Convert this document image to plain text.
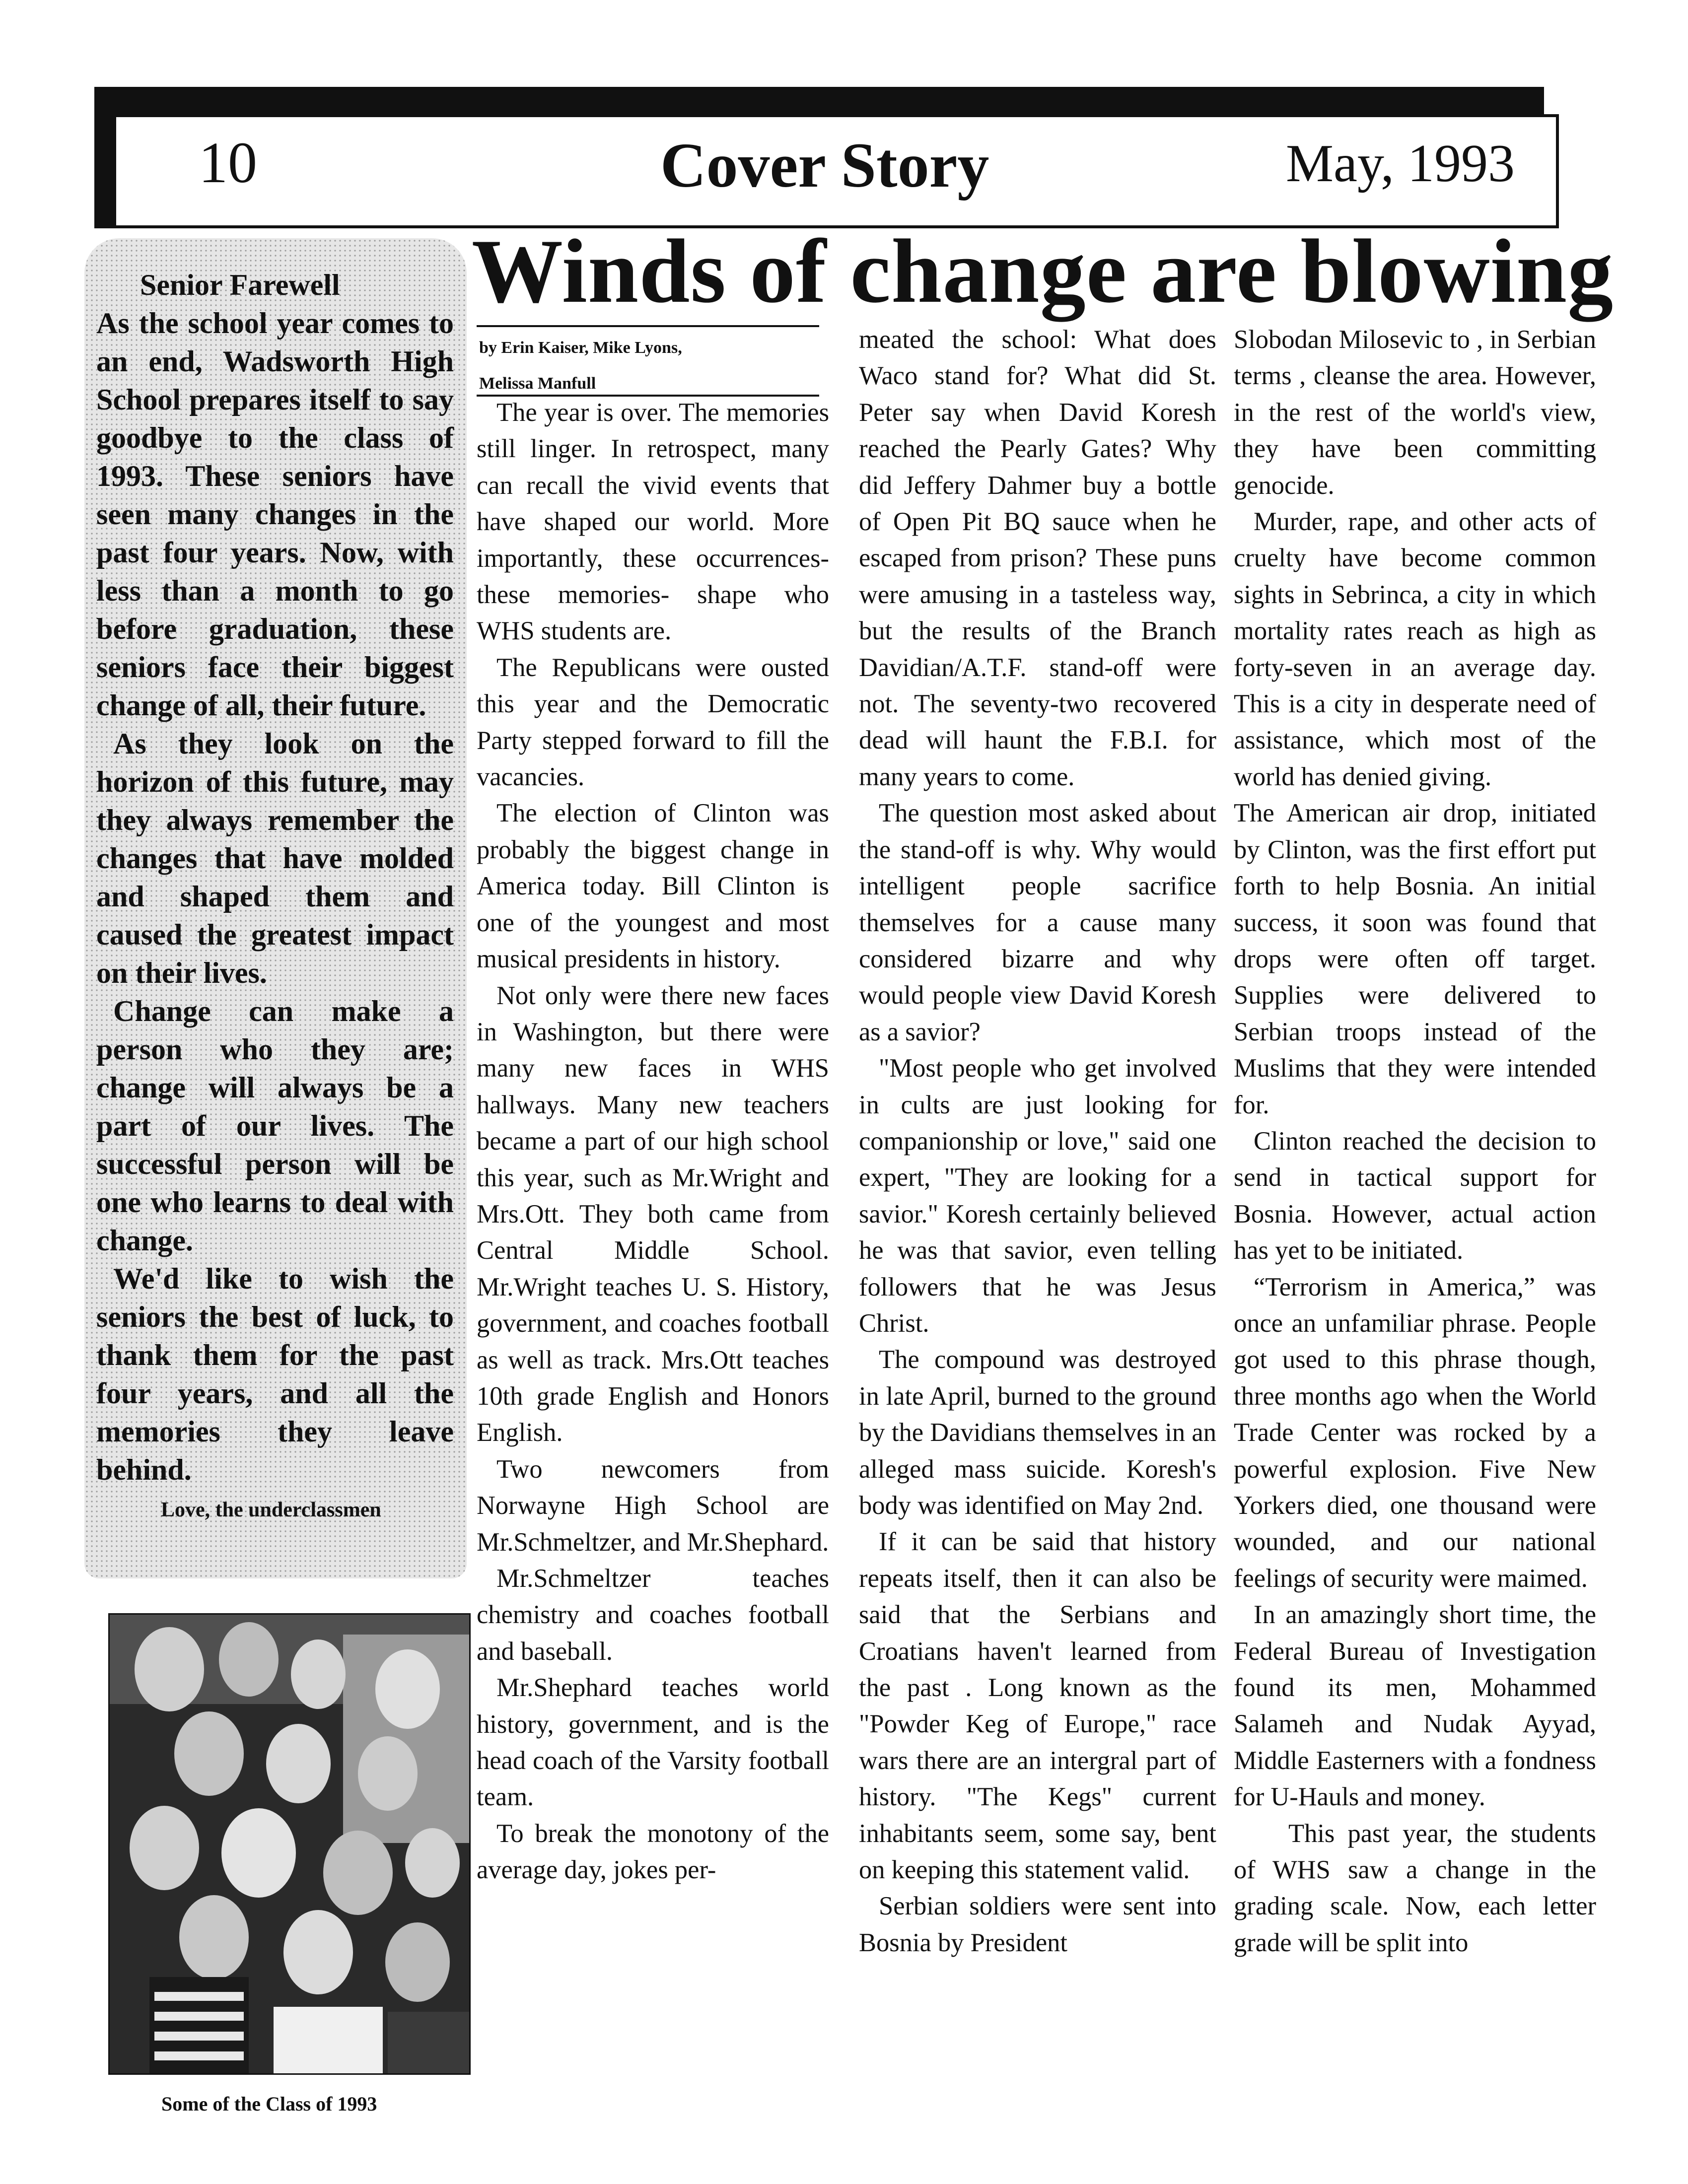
10	Cover Story	May, 1993
Winds of change are blowing
Senior Farewell

As the school year comes to an end, Wadsworth High School prepares itself to say goodbye to the class of 1993. These seniors have seen many changes in the past four years. Now, with less than a month to go before graduation, these seniors face their biggest change of all, their future.

As they look on the horizon of this future, may they always remember the changes that have molded and shaped them and caused the greatest impact on their lives.

Change can make a person who they are; change will always be a part of our lives. The successful person will be one who learns to deal with change.

We'd like to wish the seniors the best of luck, to thank them for the past four years, and all the memories they leave behind.

Love, the underclassmen
Some of the Class of 1993
by Erin Kaiser, Mike Lyons,
Melissa Manfull

The year is over. The memories still linger. In retrospect, many can recall the vivid events that have shaped our world. More importantly, these occurrences- these memories- shape who WHS students are.

The Republicans were ousted this year and the Democratic Party stepped forward to fill the vacancies.

The election of Clinton was probably the biggest change in America today. Bill Clinton is one of the youngest and most musical presidents in history.

Not only were there new faces in Washington, but there were many new faces in WHS hallways. Many new teachers became a part of our high school this year, such as Mr.Wright and Mrs.Ott. They both came from Central Middle School. Mr.Wright teaches U. S. History, government, and coaches football as well as track. Mrs.Ott teaches 10th grade English and Honors English.

Two newcomers from Norwayne High School are Mr.Schmeltzer, and Mr.Shephard.

Mr.Schmeltzer teaches chemistry and coaches football and baseball.

Mr.Shephard teaches world history, government, and is the head coach of the Varsity football team.

To break the monotony of the average day, jokes per-

meated the school: What does Waco stand for? What did St. Peter say when David Koresh reached the Pearly Gates? Why did Jeffery Dahmer buy a bottle of Open Pit BQ sauce when he escaped from prison? These puns were amusing in a tasteless way, but the results of the Branch Davidian/A.T.F. stand-off were not. The seventy-two recovered dead will haunt the F.B.I. for many years to come.

The question most asked about the stand-off is why. Why would intelligent people sacrifice themselves for a cause many considered bizarre and why would people view David Koresh as a savior?

"Most people who get involved in cults are just looking for companionship or love," said one expert, "They are looking for a savior." Koresh certainly believed he was that savior, even telling followers that he was Jesus Christ.

The compound was destroyed in late April, burned to the ground by the Davidians themselves in an alleged mass suicide. Koresh's body was identified on May 2nd.

If it can be said that history repeats itself, then it can also be said that the Serbians and Croatians haven't learned from the past . Long known as the "Powder Keg of Europe," race wars there are an intergral part of history. "The Kegs" current inhabitants seem, some say, bent on keeping this statement valid.

Serbian soldiers were sent into Bosnia by President

Slobodan Milosevic to , in Serbian terms , cleanse the area. However, in the rest of the world's view, they have been committing genocide.

Murder, rape, and other acts of cruelty have become common sights in Sebrinca, a city in which mortality rates reach as high as forty-seven in an average day. This is a city in desperate need of assistance, which most of the world has denied giving.

The American air drop, initiated by Clinton, was the first effort put forth to help Bosnia. An initial success, it soon was found that drops were often off target. Supplies were delivered to Serbian troops instead of the Muslims that they were intended for.

Clinton reached the decision to send in tactical support for Bosnia. However, actual action has yet to be initiated.

“Terrorism in America,” was once an unfamiliar phrase. People got used to this phrase though, three months ago when the World Trade Center was rocked by a powerful explosion. Five New Yorkers died, one thousand were wounded, and our national feelings of security were maimed.

In an amazingly short time, the Federal Bureau of Investigation found its men, Mohammed Salameh and Nudak Ayyad, Middle Easterners with a fondness for U-Hauls and money.

This past year, the students of WHS saw a change in the grading scale. Now, each letter grade will be split into
